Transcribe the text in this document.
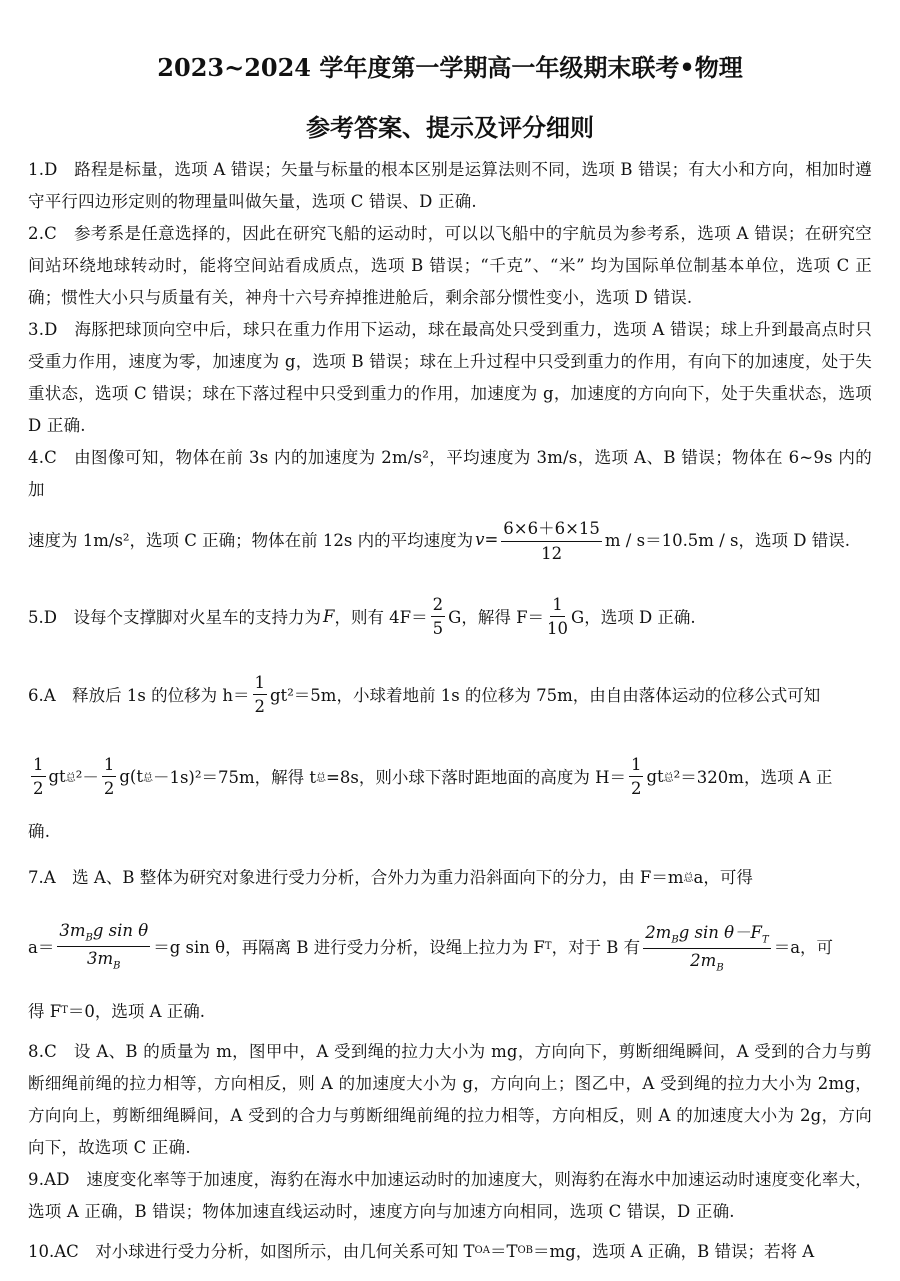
2023~2024 学年度第一学期高一年级期末联考•物理
参考答案、提示及评分细则

1.D　路程是标量，选项 A 错误；矢量与标量的根本区别是运算法则不同，选项 B 错误；有大小和方向，相加时遵守平行四边形定则的物理量叫做矢量，选项 C 错误、D 正确.

2.C　参考系是任意选择的，因此在研究飞船的运动时，可以以飞船中的宇航员为参考系，选项 A 错误；在研究空间站环绕地球转动时，能将空间站看成质点，选项 B 错误；“千克”、“米” 均为国际单位制基本单位，选项 C 正确；惯性大小只与质量有关，神舟十六号弃掉推进舱后，剩余部分惯性变小，选项 D 错误.

3.D　海豚把球顶向空中后，球只在重力作用下运动，球在最高处只受到重力，选项 A 错误；球上升到最高点时只受重力作用，速度为零，加速度为 g，选项 B 错误；球在上升过程中只受到重力的作用，有向下的加速度，处于失重状态，选项 C 错误；球在下落过程中只受到重力的作用，加速度为 g，加速度的方向向下，处于失重状态，选项 D 正确.

4.C　由图像可知，物体在前 3s 内的加速度为 2m/s²，平均速度为 3m/s，选项 A、B 错误；物体在 6~9s 内的加

速度为 1m/s²，选项 C 正确；物体在前 12s 内的平均速度为 $v = \frac{6\times 6+6\times 15}{12}$ m / s＝10.5m / s ，选项 D 错误.
5.D　设每个支撑脚对火星车的支持力为 F ，则有 $4F= \frac{2}{5}$ G，解得 $F= \frac{1}{10}$ G，选项 D 正确.
6.A　释放后 1s 的位移为 $h= \frac{1}{2} gt^2=5m$，小球着地前 1s 的位移为 75m，由自由落体运动的位移公式可知
$\frac{1}{2}$ gt 总 $^2- \frac{1}{2} g(t$ 总 －1s)²＝75m ，解得 t 总 =8s，则小球下落时距地面的高度为 $H= \frac{1}{2}$ gt 总 ²＝320m ，选项 A 正

确.

7.A　选 A、B 整体为研究对象进行受力分析，合外力为重力沿斜面向下的分力，由 F＝m 总 a，可得
$a= \frac{3m_Bg \sin \theta}{3m_B} =g$ sin θ，再隔离 B 进行受力分析，设绳上拉力为 F T ，对于 B 有 $\frac{2m_Bg \sin \theta-F_T}{2m_B} =a$，可
得 F T ＝0，选项 A 正确.

8.C　设 A、B 的质量为 m，图甲中，A 受到绳的拉力大小为 mg，方向向下，剪断细绳瞬间，A 受到的合力与剪断细绳前绳的拉力相等，方向相反，则 A 的加速度大小为 g，方向向上；图乙中，A 受到绳的拉力大小为 2mg，方向向上，剪断细绳瞬间，A 受到的合力与剪断细绳前绳的拉力相等，方向相反，则 A 的加速度大小为 2g，方向向下，故选项 C 正确.

9.AD　速度变化率等于加速度，海豹在海水中加速运动时的加速度大，则海豹在海水中加速运动时速度变化率大，选项 A 正确，B 错误；物体加速直线运动时，速度方向与加速方向相同，选项 C 错误，D 正确.

10.AC　对小球进行受力分析，如图所示，由几何关系可知 T OA ＝T OB ＝mg，选项 A 正确，B 错误；若将 A
